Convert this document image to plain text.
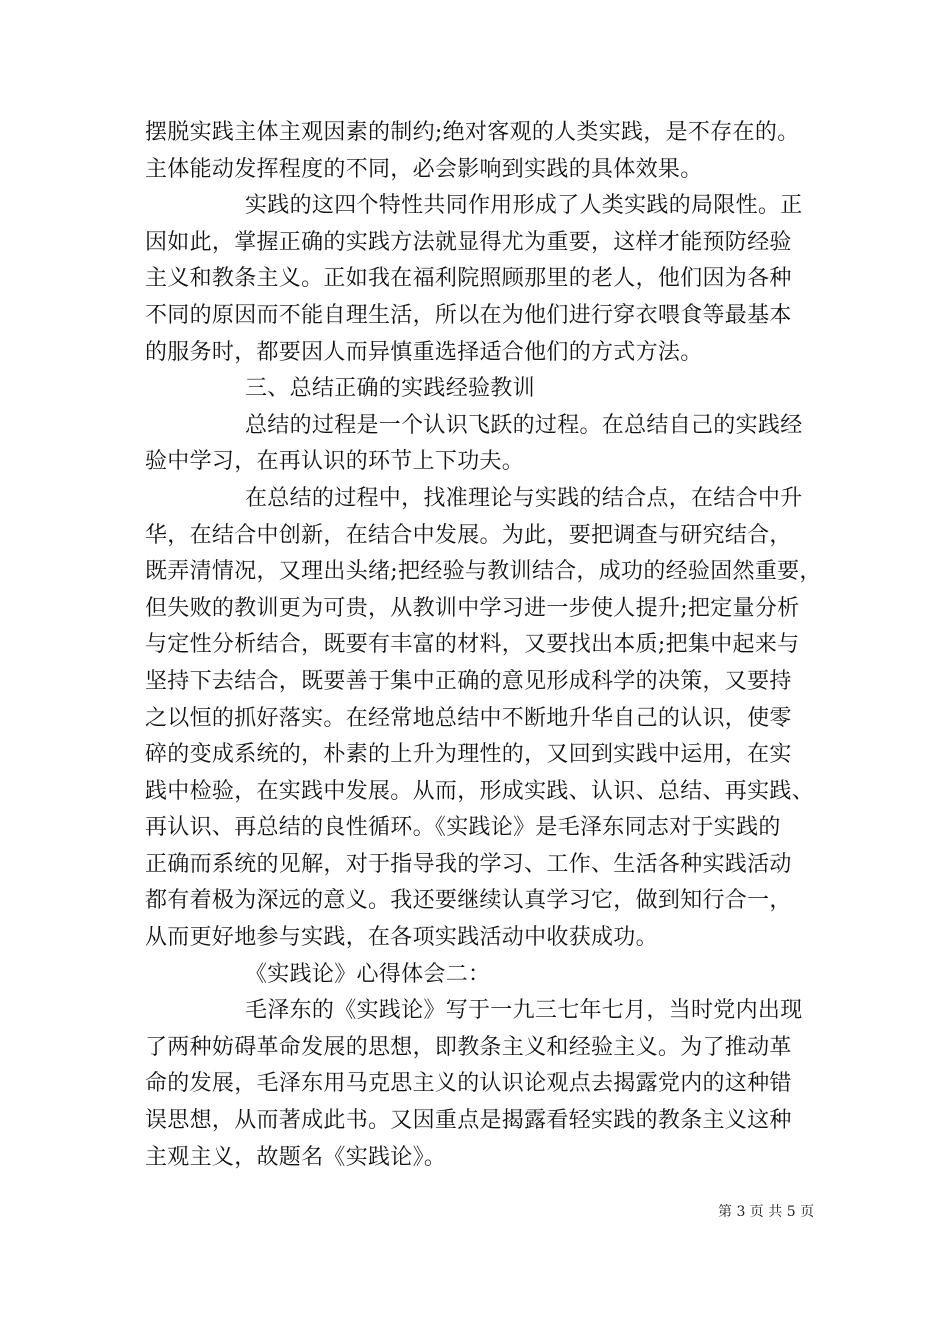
摆脱实践主体主观因素的制约;绝对客观的人类实践，是不存在的。
主体能动发挥程度的不同，必会影响到实践的具体效果。
实践的这四个特性共同作用形成了人类实践的局限性。正
因如此，掌握正确的实践方法就显得尤为重要，这样才能预防经验
主义和教条主义。正如我在福利院照顾那里的老人，他们因为各种
不同的原因而不能自理生活，所以在为他们进行穿衣喂食等最基本
的服务时，都要因人而异慎重选择适合他们的方式方法。
三、总结正确的实践经验教训
总结的过程是一个认识飞跃的过程。在总结自己的实践经
验中学习，在再认识的环节上下功夫。
在总结的过程中，找准理论与实践的结合点，在结合中升
华，在结合中创新，在结合中发展。为此，要把调查与研究结合，
既弄清情况，又理出头绪;把经验与教训结合，成功的经验固然重要，
但失败的教训更为可贵，从教训中学习进一步使人提升;把定量分析
与定性分析结合，既要有丰富的材料，又要找出本质;把集中起来与
坚持下去结合，既要善于集中正确的意见形成科学的决策，又要持
之以恒的抓好落实。在经常地总结中不断地升华自己的认识，使零
碎的变成系统的，朴素的上升为理性的，又回到实践中运用，在实
践中检验，在实践中发展。从而，形成实践、认识、总结、再实践、
再认识、再总结的良性循环。《实践论》是毛泽东同志对于实践的
正确而系统的见解，对于指导我的学习、工作、生活各种实践活动
都有着极为深远的意义。我还要继续认真学习它，做到知行合一，
从而更好地参与实践，在各项实践活动中收获成功。
《实践论》心得体会二：
毛泽东的《实践论》写于一九三七年七月，当时党内出现
了两种妨碍革命发展的思想，即教条主义和经验主义。为了推动革
命的发展，毛泽东用马克思主义的认识论观点去揭露党内的这种错
误思想，从而著成此书。又因重点是揭露看轻实践的教条主义这种
主观主义，故题名《实践论》。
第 3 页 共 5 页
